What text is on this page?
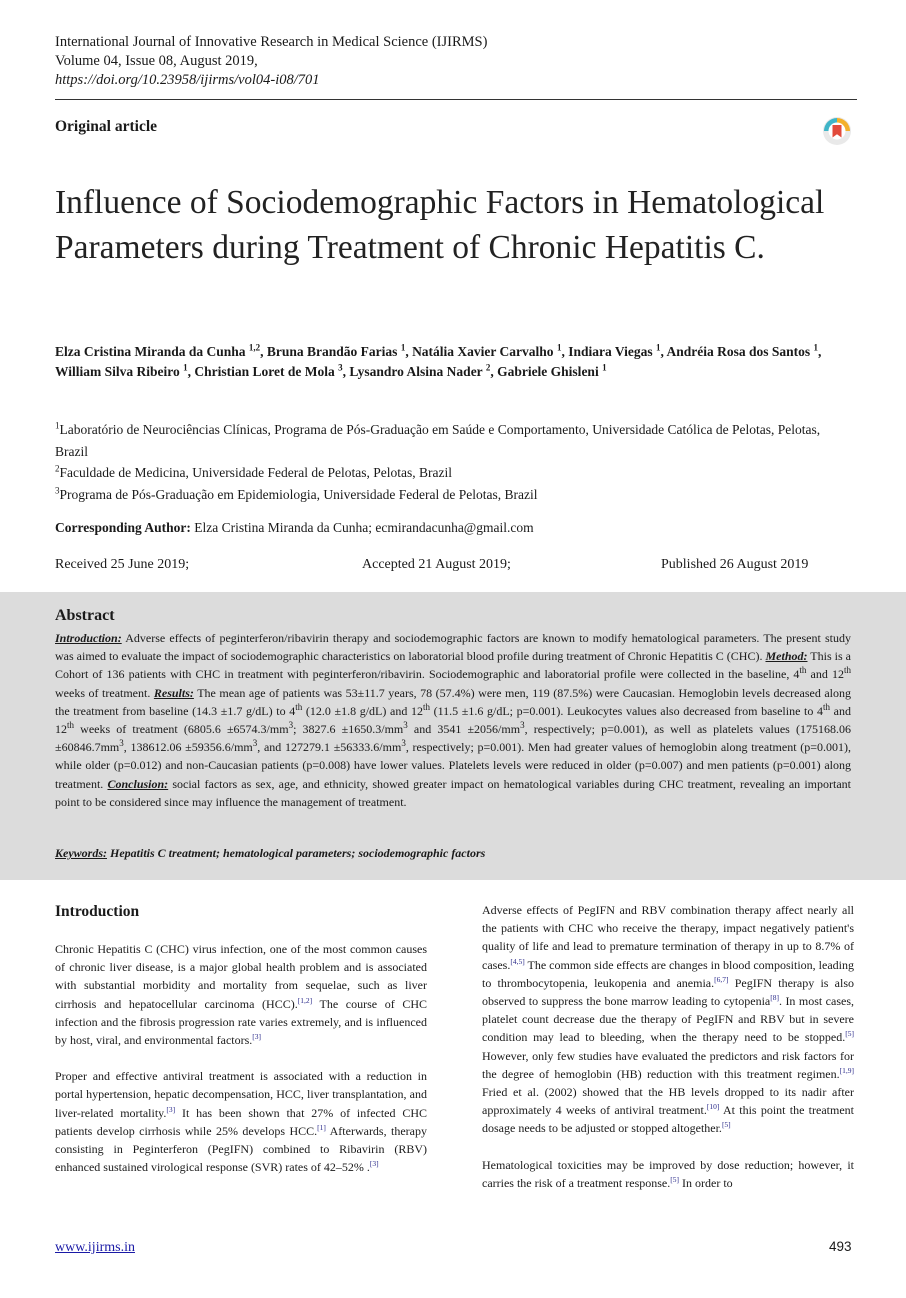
International Journal of Innovative Research in Medical Science (IJIRMS)
Volume 04, Issue 08, August 2019,
https://doi.org/10.23958/ijirms/vol04-i08/701
Original article
Influence of Sociodemographic Factors in Hematological Parameters during Treatment of Chronic Hepatitis C.
Elza Cristina Miranda da Cunha $^{1,2}$, Bruna Brandão Farias $^1$, Natália Xavier Carvalho $^1$, Indiara Viegas $^1$, Andréia Rosa dos Santos $^1$, William Silva Ribeiro $^1$, Christian Loret de Mola $^3$, Lysandro Alsina Nader $^2$, Gabriele Ghisleni $^1$
$^1$Laboratório de Neurociências Clínicas, Programa de Pós-Graduação em Saúde e Comportamento, Universidade Católica de Pelotas, Pelotas, Brazil
$^2$Faculdade de Medicina, Universidade Federal de Pelotas, Pelotas, Brazil
$^3$Programa de Pós-Graduação em Epidemiologia, Universidade Federal de Pelotas, Brazil
Corresponding Author: Elza Cristina Miranda da Cunha; ecmirandacunha@gmail.com
Received 25 June 2019;	Accepted 21 August 2019;	Published 26 August 2019
Abstract
Introduction: Adverse effects of peginterferon/ribavirin therapy and sociodemographic factors are known to modify hematological parameters. The present study was aimed to evaluate the impact of sociodemographic characteristics on laboratorial blood profile during treatment of Chronic Hepatitis C (CHC). Method: This is a Cohort of 136 patients with CHC in treatment with peginterferon/ribavirin. Sociodemographic and laboratorial profile were collected in the baseline, 4th and 12th weeks of treatment. Results: The mean age of patients was 53±11.7 years, 78 (57.4%) were men, 119 (87.5%) were Caucasian. Hemoglobin levels decreased along the treatment from baseline (14.3 ±1.7 g/dL) to 4th (12.0 ±1.8 g/dL) and 12th (11.5 ±1.6 g/dL; p=0.001). Leukocytes values also decreased from baseline to 4th and 12th weeks of treatment ($6805.6 \pm 6574.3/mm^3$; $3827.6 \pm 1650.3/mm^3$ and $3541 \pm 2056/mm^3$, respectively; p=0.001), as well as platelets values ($175168.06 \pm 60846.7mm^3$, $138612.06 \pm 59356.6/mm^3$, and $127279.1 \pm 56333.6/mm^3$, respectively; p=0.001). Men had greater values of hemoglobin along treatment (p=0.001), while older (p=0.012) and non-Caucasian patients (p=0.008) have lower values. Platelets levels were reduced in older (p=0.007) and men patients (p=0.001) along treatment. Conclusion: social factors as sex, age, and ethnicity, showed greater impact on hematological variables during CHC treatment, revealing an important point to be considered since may influence the management of treatment.
Keywords: Hepatitis C treatment; hematological parameters; sociodemographic factors
Introduction

Chronic Hepatitis C (CHC) virus infection, one of the most common causes of chronic liver disease, is a major global health problem and is associated with substantial morbidity and mortality from sequelae, such as liver cirrhosis and hepatocellular carcinoma (HCC).[1,2] The course of CHC infection and the fibrosis progression rate varies extremely, and is influenced by host, viral, and environmental factors.[3]

Proper and effective antiviral treatment is associated with a reduction in portal hypertension, hepatic decompensation, HCC, liver transplantation, and liver-related mortality.[3] It has been shown that 27% of infected CHC patients develop cirrhosis while 25% develops HCC.[1] Afterwards, therapy consisting in Peginterferon (PegIFN) combined to Ribavirin (RBV) enhanced sustained virological response (SVR) rates of 42–52% .[3]

Adverse effects of PegIFN and RBV combination therapy affect nearly all the patients with CHC who receive the therapy, impact negatively patient's quality of life and lead to premature termination of therapy in up to 8.7% of cases.[4,5] The common side effects are changes in blood composition, leading to thrombocytopenia, leukopenia and anemia.[6,7] PegIFN therapy is also observed to suppress the bone marrow leading to cytopenia[8]. In most cases, platelet count decrease due the therapy of PegIFN and RBV but in severe condition may lead to bleeding, when the therapy need to be stopped.[5] However, only few studies have evaluated the predictors and risk factors for the degree of hemoglobin (HB) reduction with this treatment regimen.[1,9] Fried et al. (2002) showed that the HB levels dropped to its nadir after approximately 4 weeks of antiviral treatment.[10] At this point the treatment dosage needs to be adjusted or stopped altogether.[5]

Hematological toxicities may be improved by dose reduction; however, it carries the risk of a treatment response.[5] In order to

www.ijirms.in	493
